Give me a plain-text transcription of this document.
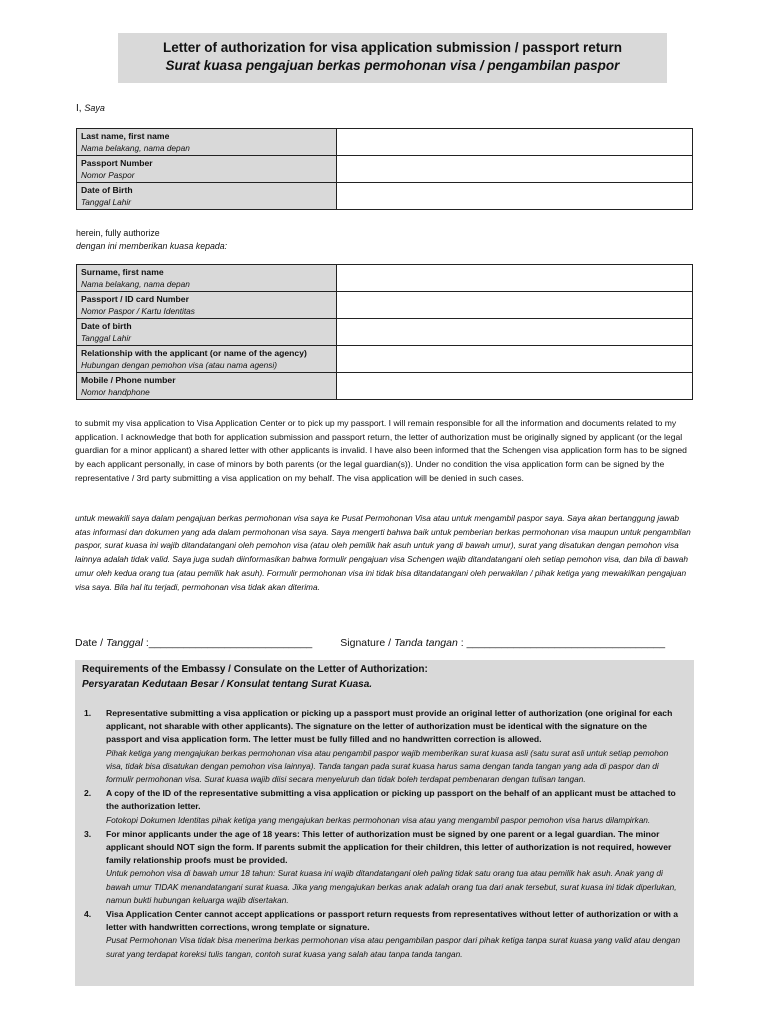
Letter of authorization for visa application submission / passport return
Surat kuasa pengajuan berkas permohonan visa / pengambilan paspor
I, Saya
Last name, first name
Nama belakang, nama depan	

Passport Number
Nomor Paspor	

Date of Birth
Tanggal Lahir	

herein, fully authorize
dengan ini memberikan kuasa kepada:
Surname, first name
Nama belakang, nama depan	

Passport / ID card Number
Nomor Paspor / Kartu Identitas	

Date of birth
Tanggal Lahir	

Relationship with the applicant (or name of the agency)
Hubungan dengan pemohon visa (atau nama agensi)	

Mobile / Phone number
Nomor handphone	

to submit my visa application to Visa Application Center or to pick up my passport. I will remain responsible for all the information and documents related to my application. I acknowledge that both for application submission and passport return, the letter of authorization must be originally signed by applicant (or the legal guardian for a minor applicant) a shared letter with other applicants is invalid. I have also been informed that the Schengen visa application form has to be signed by each applicant personally, in case of minors by both parents (or the legal guardian(s)). Under no condition the visa application form can be signed by the representative / 3rd party submitting a visa application on my behalf. The visa application will be denied in such cases.
untuk mewakili saya dalam pengajuan berkas permohonan visa saya ke Pusat Permohonan Visa atau untuk mengambil paspor saya. Saya akan bertanggung jawab atas informasi dan dokumen yang ada dalam permohonan visa saya. Saya mengerti bahwa baik untuk pemberian berkas permohonan visa maupun untuk pengambilan paspor, surat kuasa ini wajib ditandatangani oleh pemohon visa (atau oleh pemilik hak asuh untuk yang di bawah umur), surat yang disatukan dengan pemohon visa lainnya adalah tidak valid. Saya juga sudah diinformasikan bahwa formulir pengajuan visa Schengen wajib ditandatangani oleh setiap pemohon visa, dan bila di bawah umur oleh kedua orang tua (atau pemilik hak asuh). Formulir permohonan visa ini tidak bisa ditandatangani oleh perwakilan / pihak ketiga yang mewakilkan pengajuan visa saya. Bila hal itu terjadi, permohonan visa tidak akan diterima.
Date / Tanggal :____________________________	Signature / Tanda tangan : __________________________________
Requirements of the Embassy / Consulate on the Letter of Authorization:
Persyaratan Kedutaan Besar / Konsulat tentang Surat Kuasa.
1. Representative submitting a visa application or picking up a passport must provide an original letter of authorization (one original for each applicant, not sharable with other applicants). The signature on the letter of authorization must be identical with the signature on the passport and visa application form. The letter must be fully filled and no handwritten correction is allowed.
Pihak ketiga yang mengajukan berkas permohonan visa atau pengambil paspor wajib memberikan surat kuasa asli (satu surat asli untuk setiap pemohon visa, tidak bisa disatukan dengan pemohon visa lainnya). Tanda tangan pada surat kuasa harus sama dengan tanda tangan yang ada di paspor dan di formulir permohonan visa. Surat kuasa wajib diisi secara menyeluruh dan tidak boleh terdapat pembenaran dengan tulisan tangan.
2. A copy of the ID of the representative submitting a visa application or picking up passport on the behalf of an applicant must be attached to the authorization letter.
Fotokopi Dokumen Identitas pihak ketiga yang mengajukan berkas permohonan visa atau yang mengambil paspor pemohon visa harus dilampirkan.
3. For minor applicants under the age of 18 years: This letter of authorization must be signed by one parent or a legal guardian. The minor applicant should NOT sign the form. If parents submit the application for their children, this letter of authorization is not required, however family relationship proofs must be provided.
Untuk pemohon visa di bawah umur 18 tahun: Surat kuasa ini wajib ditandatangani oleh paling tidak satu orang tua atau pemilik hak asuh. Anak yang di bawah umur TIDAK menandatangani surat kuasa. Jika yang mengajukan berkas anak adalah orang tua dari anak tersebut, surat kuasa ini tidak diperlukan, namun bukti hubungan keluarga wajib disertakan.
4. Visa Application Center cannot accept applications or passport return requests from representatives without letter of authorization or with a letter with handwritten corrections, wrong template or signature.
Pusat Permohonan Visa tidak bisa menerima berkas permohonan visa atau pengambilan paspor dari pihak ketiga tanpa surat kuasa yang valid atau dengan surat yang terdapat koreksi tulis tangan, contoh surat kuasa yang salah atau tanpa tanda tangan.
